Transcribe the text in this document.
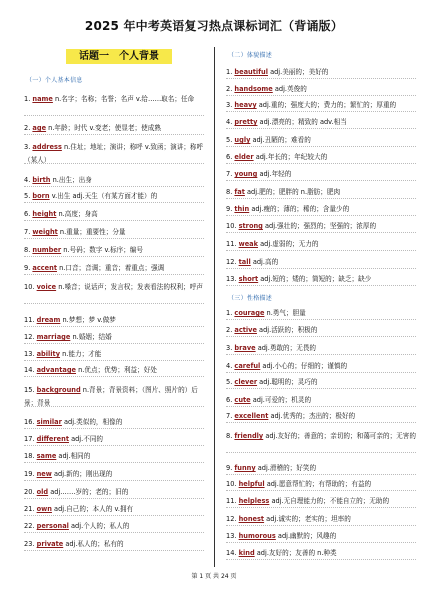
2025 年中考英语复习热点课标词汇（背诵版）
话题一　个人背景
（一）个人基本信息
1. name n.名字；名称；名誉；名声 v.给……取名；任命
2. age n.年龄；时代 v.变老；使显老；使成熟
3. address n.住址；地址；演讲；称呼 v.致函；演讲；称呼（某人）
4. birth n.出生；出身
5. born v.出生 adj.天生（有某方面才能）的
6. height n.高度；身高
7. weight n.重量；重要性；分量
8. number n.号码；数字 v.标序；编号
9. accent n.口音；音调；重音；着重点；强调
10. voice n.嗓音；说话声；发言权；发表看法的权利；呼声
11. dream n.梦想；梦 v.做梦
12. marriage n.婚姻；结婚
13. ability n.能力；才能
14. advantage n.优点；优势；利益；好处
15. background n.背景；背景资料；（图片、照片的）后景；背景
16. similar adj.类似的，相像的
17. different adj.不同的
18. same adj.相同的
19. new adj.新的；刚出现的
20. old adj.……岁的；老的；旧的
21. own adj.自己的；本人的 v.拥有
22. personal adj.个人的；私人的
23. private adj.私人的；私有的
（二）体貌描述
1. beautiful adj.美丽的；美好的
2. handsome adj.英俊的
3. heavy adj.重的；强度大的；费力的；繁忙的；厚重的
4. pretty adj.漂亮的；精致的 adv.相当
5. ugly adj.丑陋的；难看的
6. elder adj.年长的；年纪较大的
7. young adj.年轻的
8. fat adj.肥的；肥胖的 n.脂肪；肥肉
9. thin adj.瘦的；薄的；稀的；含量少的
10. strong adj.强壮的；强烈的；坚强的；浓厚的
11. weak adj.虚弱的；无力的
12. tall adj.高的
13. short adj.短的；矮的；简短的；缺乏；缺少
（三）性格描述
1. courage n.勇气；胆量
2. active adj.活跃的；积极的
3. brave adj.勇敢的；无畏的
4. careful adj.小心的；仔细的；谨慎的
5. clever adj.聪明的；灵巧的
6. cute adj.可爱的；机灵的
7. excellent adj.优秀的；杰出的；极好的
8. friendly adj.友好的；善意的；亲切的；和蔼可亲的；无害的
9. funny adj.滑稽的；好笑的
10. helpful adj.愿意帮忙的；有帮助的；有益的
11. helpless adj.无自理能力的；不能自立的；无助的
12. honest adj.诚实的；老实的；坦率的
13. humorous adj.幽默的；风趣的
14. kind adj.友好的；友善的 n.种类
第 1 页 共 24 页
